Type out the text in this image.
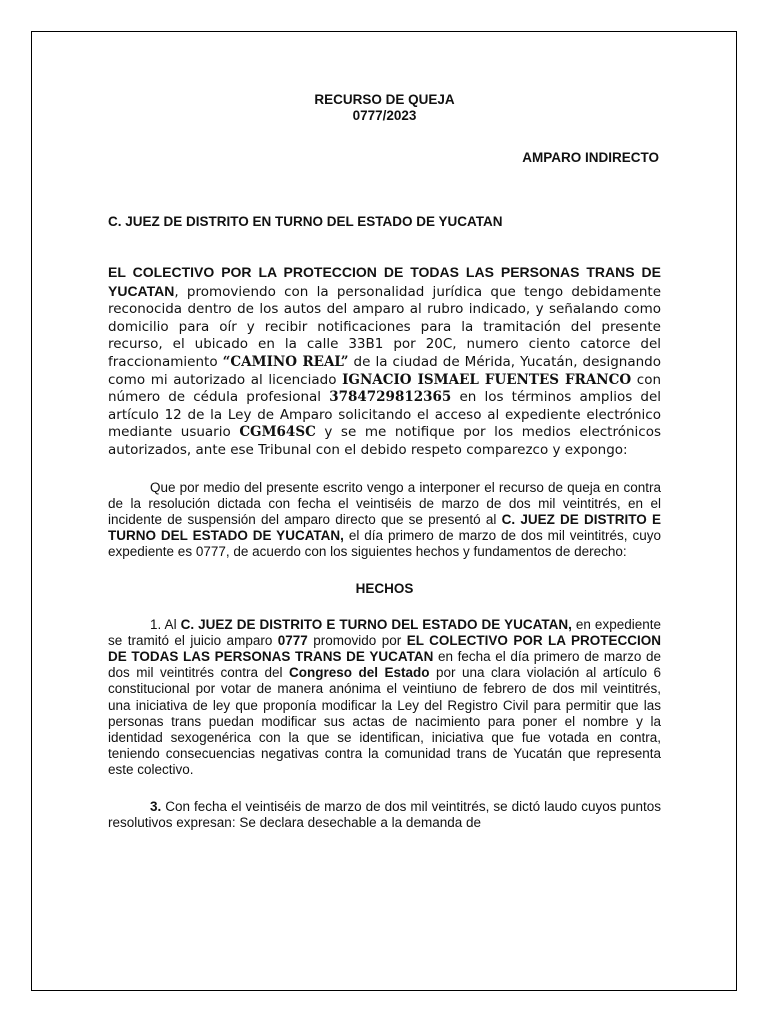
RECURSO DE QUEJA

0777/2023

AMPARO INDIRECTO

C. JUEZ DE DISTRITO EN TURNO DEL ESTADO DE YUCATAN

EL COLECTIVO POR LA PROTECCION DE TODAS LAS PERSONAS TRANS DE YUCATAN, promoviendo con la personalidad jurídica que tengo debidamente reconocida dentro de los autos del amparo al rubro indicado, y señalando como domicilio para oír y recibir notificaciones para la tramitación del presente recurso, el ubicado en la calle 33B1 por 20C, numero ciento catorce del fraccionamiento “CAMINO REAL” de la ciudad de Mérida, Yucatán, designando como mi autorizado al licenciado IGNACIO ISMAEL FUENTES FRANCO con número de cédula profesional 3784729812365 en los términos amplios del artículo 12 de la Ley de Amparo solicitando el acceso al expediente electrónico mediante usuario CGM64SC y se me notifique por los medios electrónicos autorizados, ante ese Tribunal con el debido respeto comparezco y expongo:

Que por medio del presente escrito vengo a interponer el recurso de queja en contra de la resolución dictada con fecha el veintiséis de marzo de dos mil veintitrés, en el incidente de suspensión del amparo directo que se presentó al C. JUEZ DE DISTRITO E TURNO DEL ESTADO DE YUCATAN, el día primero de marzo de dos mil veintitrés, cuyo expediente es 0777, de acuerdo con los siguientes hechos y fundamentos de derecho:

HECHOS

1. Al C. JUEZ DE DISTRITO E TURNO DEL ESTADO DE YUCATAN, en expediente se tramitó el juicio amparo 0777 promovido por EL COLECTIVO POR LA PROTECCION DE TODAS LAS PERSONAS TRANS DE YUCATAN en fecha el día primero de marzo de dos mil veintitrés contra del Congreso del Estado por una clara violación al artículo 6 constitucional por votar de manera anónima el veintiuno de febrero de dos mil veintitrés, una iniciativa de ley que proponía modificar la Ley del Registro Civil para permitir que las personas trans puedan modificar sus actas de nacimiento para poner el nombre y la identidad sexogenérica con la que se identifican, iniciativa que fue votada en contra, teniendo consecuencias negativas contra la comunidad trans de Yucatán que representa este colectivo.

3. Con fecha el veintiséis de marzo de dos mil veintitrés, se dictó laudo cuyos puntos resolutivos expresan: Se declara desechable a la demanda de
